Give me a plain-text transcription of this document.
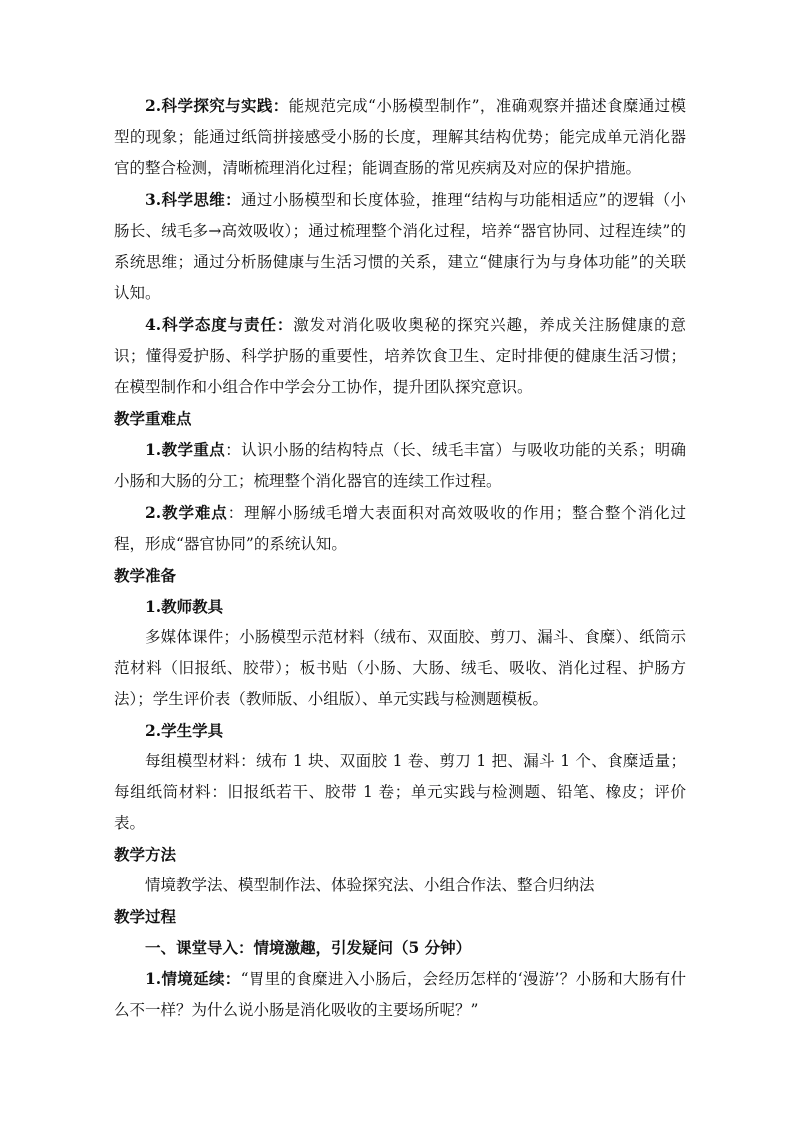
2.科学探究与实践：能规范完成“小肠模型制作”，准确观察并描述食糜通过模型的现象；能通过纸筒拼接感受小肠的长度，理解其结构优势；能完成单元消化器官的整合检测，清晰梳理消化过程；能调查肠的常见疾病及对应的保护措施。

3.科学思维：通过小肠模型和长度体验，推理“结构与功能相适应”的逻辑（小肠长、绒毛多→高效吸收）；通过梳理整个消化过程，培养“器官协同、过程连续”的系统思维；通过分析肠健康与生活习惯的关系，建立“健康行为与身体功能”的关联认知。

4.科学态度与责任：激发对消化吸收奥秘的探究兴趣，养成关注肠健康的意识；懂得爱护肠、科学护肠的重要性，培养饮食卫生、定时排便的健康生活习惯；在模型制作和小组合作中学会分工协作，提升团队探究意识。

教学重难点

1.教学重点：认识小肠的结构特点（长、绒毛丰富）与吸收功能的关系；明确小肠和大肠的分工；梳理整个消化器官的连续工作过程。

2.教学难点：理解小肠绒毛增大表面积对高效吸收的作用；整合整个消化过程，形成“器官协同”的系统认知。

教学准备

1.教师教具

多媒体课件；小肠模型示范材料（绒布、双面胶、剪刀、漏斗、食糜）、纸筒示范材料（旧报纸、胶带）；板书贴（小肠、大肠、绒毛、吸收、消化过程、护肠方法）；学生评价表（教师版、小组版）、单元实践与检测题模板。

2.学生学具

每组模型材料：绒布 1 块、双面胶 1 卷、剪刀 1 把、漏斗 1 个、食糜适量；每组纸筒材料：旧报纸若干、胶带 1 卷；单元实践与检测题、铅笔、橡皮；评价表。

教学方法

情境教学法、模型制作法、体验探究法、小组合作法、整合归纳法

教学过程

一、课堂导入：情境激趣，引发疑问（5 分钟）

1.情境延续：“胃里的食糜进入小肠后，会经历怎样的‘漫游’？小肠和大肠有什么不一样？为什么说小肠是消化吸收的主要场所呢？”
